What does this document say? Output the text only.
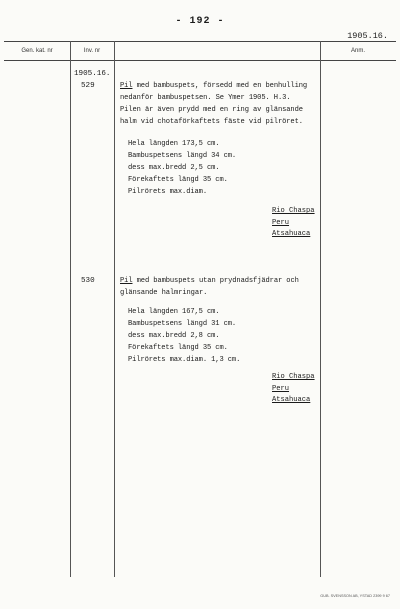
- 192 -
1905.16.
Gen. kat. nr	Inv. nr	Anm.
1905.16.
529	Pil med bambuspets, försedd med en benhulling
nedanför bambuspetsen. Se Ymer 1905. H.3.
Pilen är även prydd med en ring av glänsande
halm vid chotaförkaftets fäste vid pilröret.
Hela längden 173,5 cm.
Bambuspetsens längd 34 cm.
dess max.bredd 2,5 cm.
Förekaftets längd 35 cm.
Pilrörets max.diam.
Rio Chaspa
Peru
Atsahuaca
530	Pil med bambuspets utan prydnadsfjädrar och
glänsande halmringar.
Hela längden 167,5 cm.
Bambuspetsens längd 31 cm.
dess max.bredd 2,8 cm.
Förekaftets längd 35 cm.
Pilrörets max.diam. 1,3 cm.
Rio Chaspa
Peru
Atsahuaca
GUB. SVENSSON AB, YSTAD 2399 9 67
